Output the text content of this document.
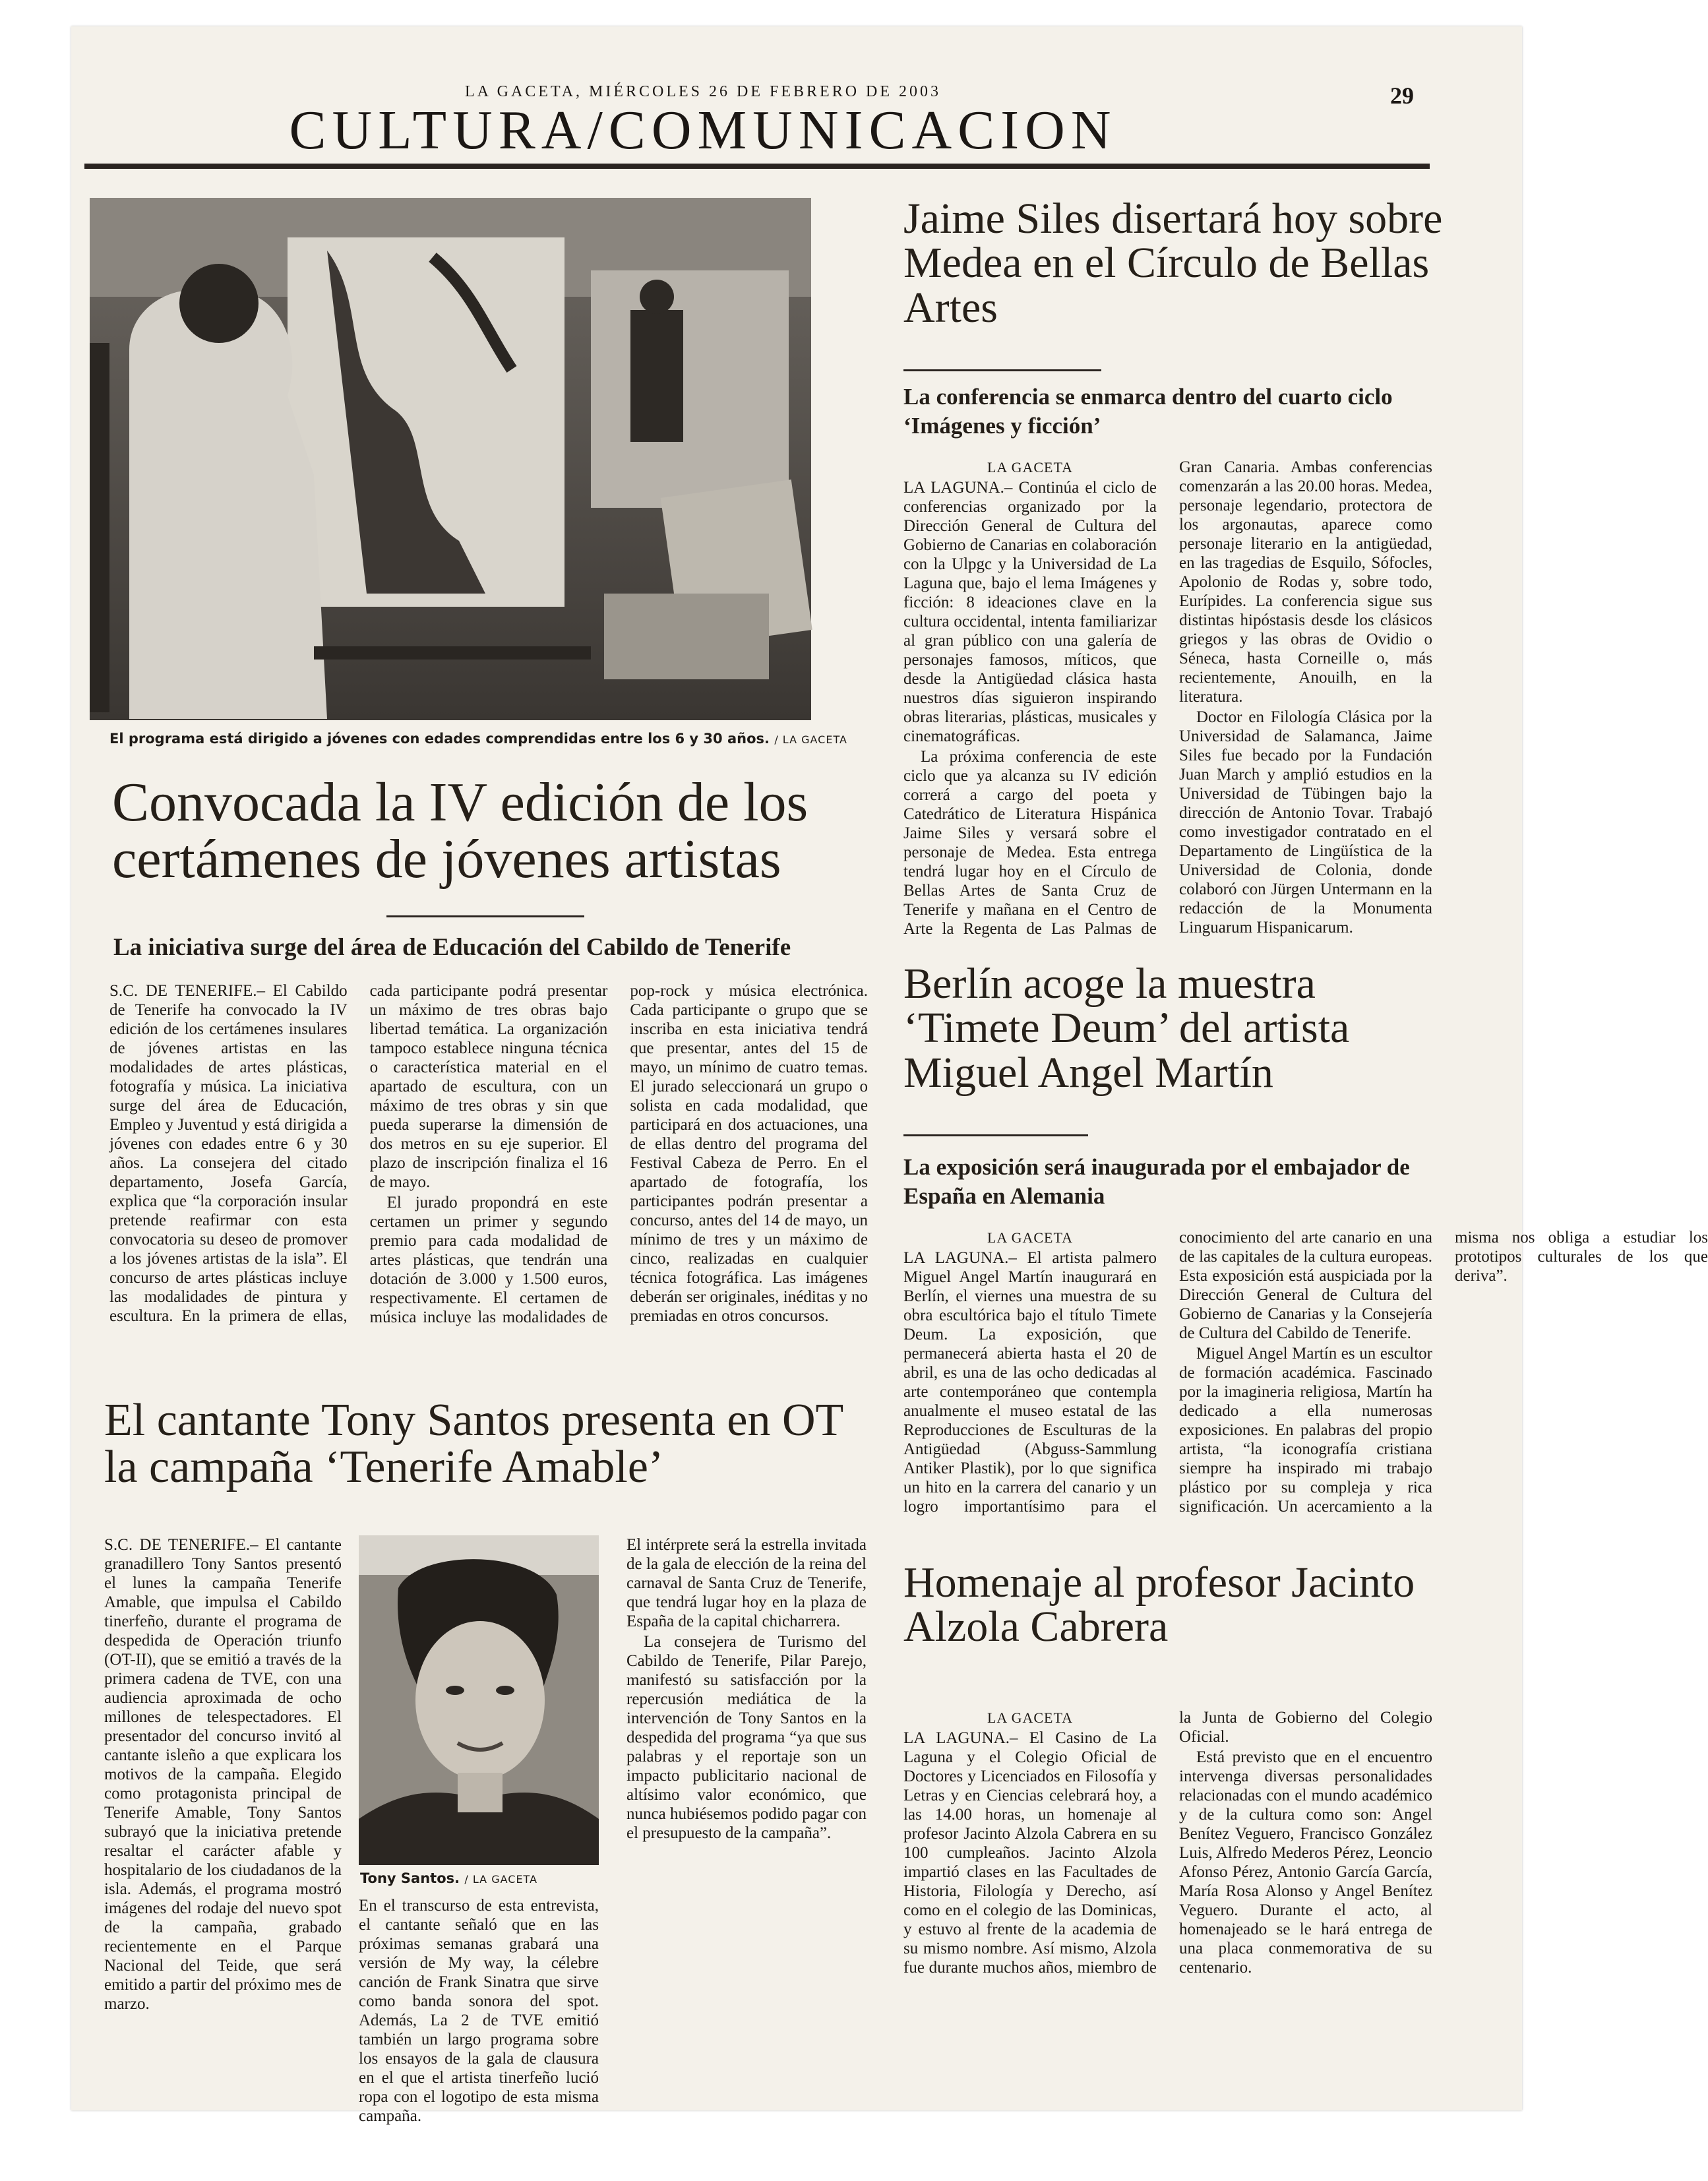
LA GACETA, MIÉRCOLES 26 DE FEBRERO DE 2003
CULTURA/COMUNICACION
29
El programa está dirigido a jóvenes con edades comprendidas entre los 6 y 30 años. / LA GACETA
Convocada la IV edición de los certámenes de jóvenes artistas
La iniciativa surge del área de Educación del Cabildo de Tenerife

S.C. DE TENERIFE.– El Cabildo de Tenerife ha convocado la IV edición de los certámenes insulares de jóvenes artistas en las modalidades de artes plásticas, fotografía y música. La iniciativa surge del área de Educación, Empleo y Juventud y está dirigida a jóvenes con edades entre 6 y 30 años. La consejera del citado departamento, Josefa García, explica que “la corporación insular pretende reafirmar con esta convocatoria su deseo de promover a los jóvenes artistas de la isla”. El concurso de artes plásticas incluye las modalidades de pintura y escultura. En la primera de ellas, cada participante podrá presentar un máximo de tres obras bajo libertad temática. La organización tampoco establece ninguna técnica o característica material en el apartado de escultura, con un máximo de tres obras y sin que pueda superarse la dimensión de dos metros en su eje superior. El plazo de inscripción finaliza el 16 de mayo.

El jurado propondrá en este certamen un primer y segundo premio para cada modalidad de artes plásticas, que tendrán una dotación de 3.000 y 1.500 euros, respectivamente. El certamen de música incluye las modalidades de pop-rock y música electrónica. Cada participante o grupo que se inscriba en esta iniciativa tendrá que presentar, antes del 15 de mayo, un mínimo de cuatro temas. El jurado seleccionará un grupo o solista en cada modalidad, que participará en dos actuaciones, una de ellas dentro del programa del Festival Cabeza de Perro. En el apartado de fotografía, los participantes podrán presentar a concurso, antes del 14 de mayo, un mínimo de tres y un máximo de cinco, realizadas en cualquier técnica fotográfica. Las imágenes deberán ser originales, inéditas y no premiadas en otros concursos.

Jaime Siles disertará hoy sobre Medea en el Círculo de Bellas Artes
La conferencia se enmarca dentro del cuarto ciclo ‘Imágenes y ficción’
LA GACETA

LA LAGUNA.– Continúa el ciclo de conferencias organizado por la Dirección General de Cultura del Gobierno de Canarias en colaboración con la Ulpgc y la Universidad de La Laguna que, bajo el lema Imágenes y ficción: 8 ideaciones clave en la cultura occidental, intenta familiarizar al gran público con una galería de personajes famosos, míticos, que desde la Antigüedad clásica hasta nuestros días siguieron inspirando obras literarias, plásticas, musicales y cinematográficas.

La próxima conferencia de este ciclo que ya alcanza su IV edición correrá a cargo del poeta y Catedrático de Literatura Hispánica Jaime Siles y versará sobre el personaje de Medea. Esta entrega tendrá lugar hoy en el Círculo de Bellas Artes de Santa Cruz de Tenerife y mañana en el Centro de Arte la Regenta de Las Palmas de Gran Canaria. Ambas conferencias comenzarán a las 20.00 horas. Medea, personaje legendario, protectora de los argonautas, aparece como personaje literario en la antigüedad, en las tragedias de Esquilo, Sófocles, Apolonio de Rodas y, sobre todo, Eurípides. La conferencia sigue sus distintas hipóstasis desde los clásicos griegos y las obras de Ovidio o Séneca, hasta Corneille o, más recientemente, Anouilh, en la literatura.

Doctor en Filología Clásica por la Universidad de Salamanca, Jaime Siles fue becado por la Fundación Juan March y amplió estudios en la Universidad de Tübingen bajo la dirección de Antonio Tovar. Trabajó como investigador contratado en el Departamento de Lingüística de la Universidad de Colonia, donde colaboró con Jürgen Untermann en la redacción de la Monumenta Linguarum Hispanicarum.

Berlín acoge la muestra ‘Timete Deum’ del artista Miguel Angel Martín
La exposición será inaugurada por el embajador de España en Alemania
LA GACETA

LA LAGUNA.– El artista palmero Miguel Angel Martín inaugurará en Berlín, el viernes una muestra de su obra escultórica bajo el título Timete Deum. La exposición, que permanecerá abierta hasta el 20 de abril, es una de las ocho dedicadas al arte contemporáneo que contempla anualmente el museo estatal de las Reproducciones de Esculturas de la Antigüedad (Abguss-Sammlung Antiker Plastik), por lo que significa un hito en la carrera del canario y un logro importantísimo para el conocimiento del arte canario en una de las capitales de la cultura europeas. Esta exposición está auspiciada por la Dirección General de Cultura del Gobierno de Canarias y la Consejería de Cultura del Cabildo de Tenerife.

Miguel Angel Martín es un escultor de formación académica. Fascinado por la imagineria religiosa, Martín ha dedicado a ella numerosas exposiciones. En palabras del propio artista, “la iconografía cristiana siempre ha inspirado mi trabajo plástico por su compleja y rica significación. Un acercamiento a la misma nos obliga a estudiar los prototipos culturales de los que deriva”.

El cantante Tony Santos presenta en OT la campaña ‘Tenerife Amable’

S.C. DE TENERIFE.– El cantante granadillero Tony Santos presentó el lunes la campaña Tenerife Amable, que impulsa el Cabildo tinerfeño, durante el programa de despedida de Operación triunfo (OT-II), que se emitió a través de la primera cadena de TVE, con una audiencia aproximada de ocho millones de telespectadores. El presentador del concurso invitó al cantante isleño a que explicara los motivos de la campaña. Elegido como protagonista principal de Tenerife Amable, Tony Santos subrayó que la iniciativa pretende resaltar el carácter afable y hospitalario de los ciudadanos de la isla. Además, el programa mostró imágenes del rodaje del nuevo spot de la campaña, grabado recientemente en el Parque Nacional del Teide, que será emitido a partir del próximo mes de marzo.

Tony Santos. / LA GACETA

En el transcurso de esta entrevista, el cantante señaló que en las próximas semanas grabará una versión de My way, la célebre canción de Frank Sinatra que sirve como banda sonora del spot. Además, La 2 de TVE emitió también un largo programa sobre los ensayos de la gala de clausura en el que el artista tinerfeño lució ropa con el logotipo de esta misma campaña.

El intérprete será la estrella invitada de la gala de elección de la reina del carnaval de Santa Cruz de Tenerife, que tendrá lugar hoy en la plaza de España de la capital chicharrera.

La consejera de Turismo del Cabildo de Tenerife, Pilar Parejo, manifestó su satisfacción por la repercusión mediática de la intervención de Tony Santos en la despedida del programa “ya que sus palabras y el reportaje son un impacto publicitario nacional de altísimo valor económico, que nunca hubiésemos podido pagar con el presupuesto de la campaña”.

Homenaje al profesor Jacinto Alzola Cabrera
LA GACETA

LA LAGUNA.– El Casino de La Laguna y el Colegio Oficial de Doctores y Licenciados en Filosofía y Letras y en Ciencias celebrará hoy, a las 14.00 horas, un homenaje al profesor Jacinto Alzola Cabrera en su 100 cumpleaños. Jacinto Alzola impartió clases en las Facultades de Historia, Filología y Derecho, así como en el colegio de las Dominicas, y estuvo al frente de la academia de su mismo nombre. Así mismo, Alzola fue durante muchos años, miembro de la Junta de Gobierno del Colegio Oficial.

Está previsto que en el encuentro intervenga diversas personalidades relacionadas con el mundo académico y de la cultura como son: Angel Benítez Veguero, Francisco González Luis, Alfredo Mederos Pérez, Leoncio Afonso Pérez, Antonio García García, María Rosa Alonso y Angel Benítez Veguero. Durante el acto, al homenajeado se le hará entrega de una placa conmemorativa de su centenario.
